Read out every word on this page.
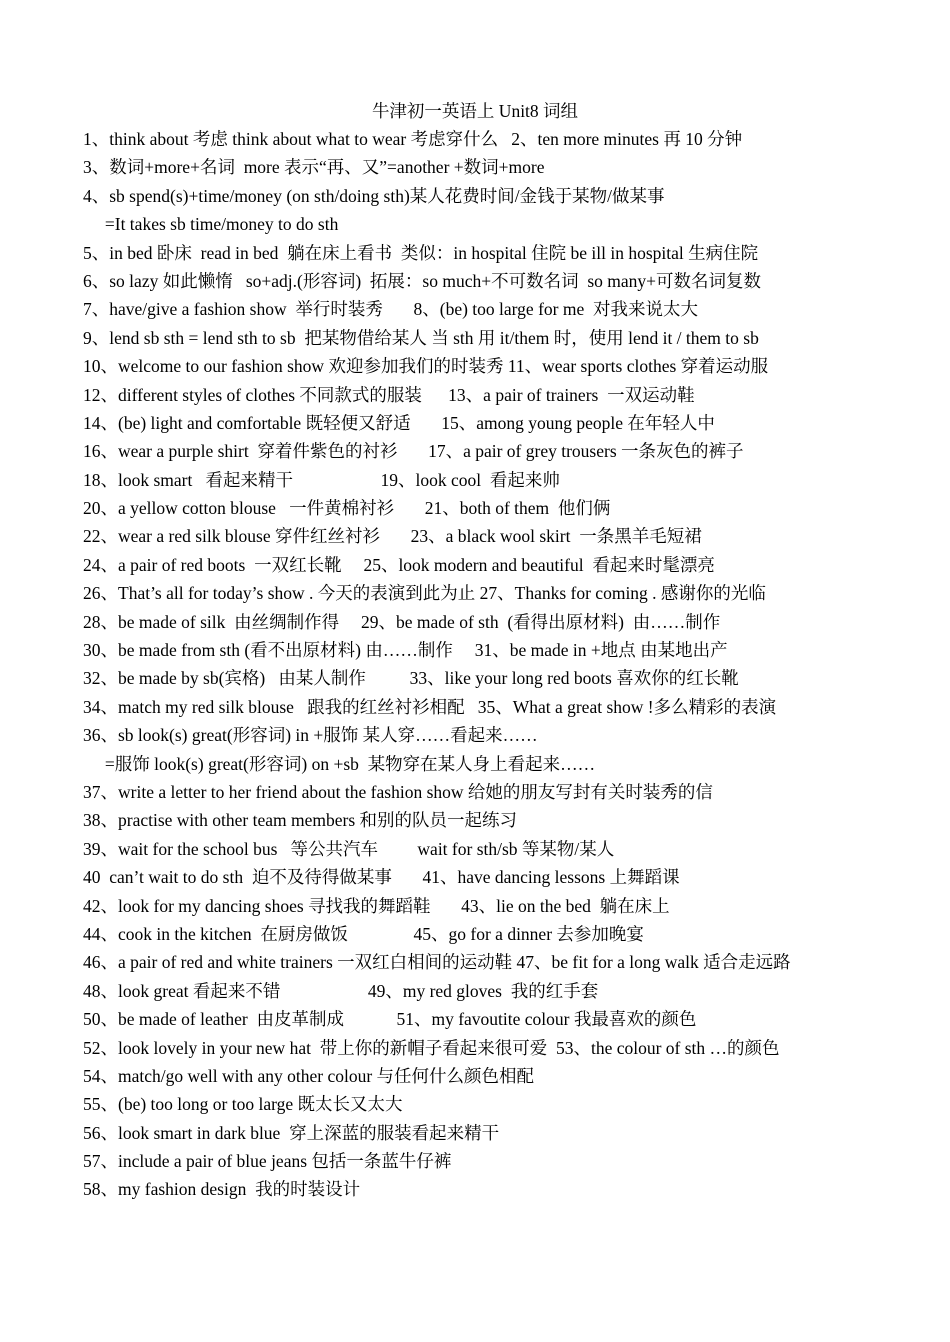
牛津初一英语上 Unit8 词组
1、think about 考虑 think about what to wear 考虑穿什么   2、ten more minutes 再 10 分钟
3、数词+more+名词  more 表示“再、又”=another +数词+more
4、sb spend(s)+time/money (on sth/doing sth)某人花费时间/金钱于某物/做某事
=It takes sb time/money to do sth
5、in bed 卧床  read in bed  躺在床上看书  类似：in hospital 住院 be ill in hospital 生病住院
6、so lazy 如此懒惰   so+adj.(形容词)  拓展：so much+不可数名词  so many+可数名词复数
7、have/give a fashion show  举行时装秀       8、(be) too large for me  对我来说太大
9、lend sb sth = lend sth to sb  把某物借给某人 当 sth 用 it/them 时，使用 lend it / them to sb
10、welcome to our fashion show 欢迎参加我们的时装秀 11、wear sports clothes 穿着运动服
12、different styles of clothes 不同款式的服装      13、a pair of trainers  一双运动鞋
14、(be) light and comfortable 既轻便又舒适       15、among young people 在年轻人中
16、wear a purple shirt  穿着件紫色的衬衫       17、a pair of grey trousers 一条灰色的裤子
18、look smart   看起来精干                    19、look cool  看起来帅
20、a yellow cotton blouse   一件黄棉衬衫       21、both of them  他们俩
22、wear a red silk blouse 穿件红丝衬衫       23、a black wool skirt  一条黑羊毛短裙
24、a pair of red boots  一双红长靴     25、look modern and beautiful  看起来时髦漂亮
26、That’s all for today’s show . 今天的表演到此为止 27、Thanks for coming . 感谢你的光临
28、be made of silk  由丝绸制作得     29、be made of sth  (看得出原材料)  由……制作
30、be made from sth (看不出原材料) 由……制作     31、be made in +地点 由某地出产
32、be made by sb(宾格)   由某人制作          33、like your long red boots 喜欢你的红长靴
34、match my red silk blouse   跟我的红丝衬衫相配   35、What a great show !多么精彩的表演
36、sb look(s) great(形容词) in +服饰 某人穿……看起来……
=服饰 look(s) great(形容词) on +sb  某物穿在某人身上看起来……
37、write a letter to her friend about the fashion show 给她的朋友写封有关时装秀的信
38、practise with other team members 和别的队员一起练习
39、wait for the school bus   等公共汽车         wait for sth/sb 等某物/某人
40  can’t wait to do sth  迫不及待得做某事       41、have dancing lessons 上舞蹈课
42、look for my dancing shoes 寻找我的舞蹈鞋       43、lie on the bed  躺在床上
44、cook in the kitchen  在厨房做饭               45、go for a dinner 去参加晚宴
46、a pair of red and white trainers 一双红白相间的运动鞋 47、be fit for a long walk 适合走远路
48、look great 看起来不错                    49、my red gloves  我的红手套
50、be made of leather  由皮革制成            51、my favoutite colour 我最喜欢的颜色
52、look lovely in your new hat  带上你的新帽子看起来很可爱  53、the colour of sth …的颜色
54、match/go well with any other colour 与任何什么颜色相配
55、(be) too long or too large 既太长又太大
56、look smart in dark blue  穿上深蓝的服装看起来精干
57、include a pair of blue jeans 包括一条蓝牛仔裤
58、my fashion design  我的时装设计
